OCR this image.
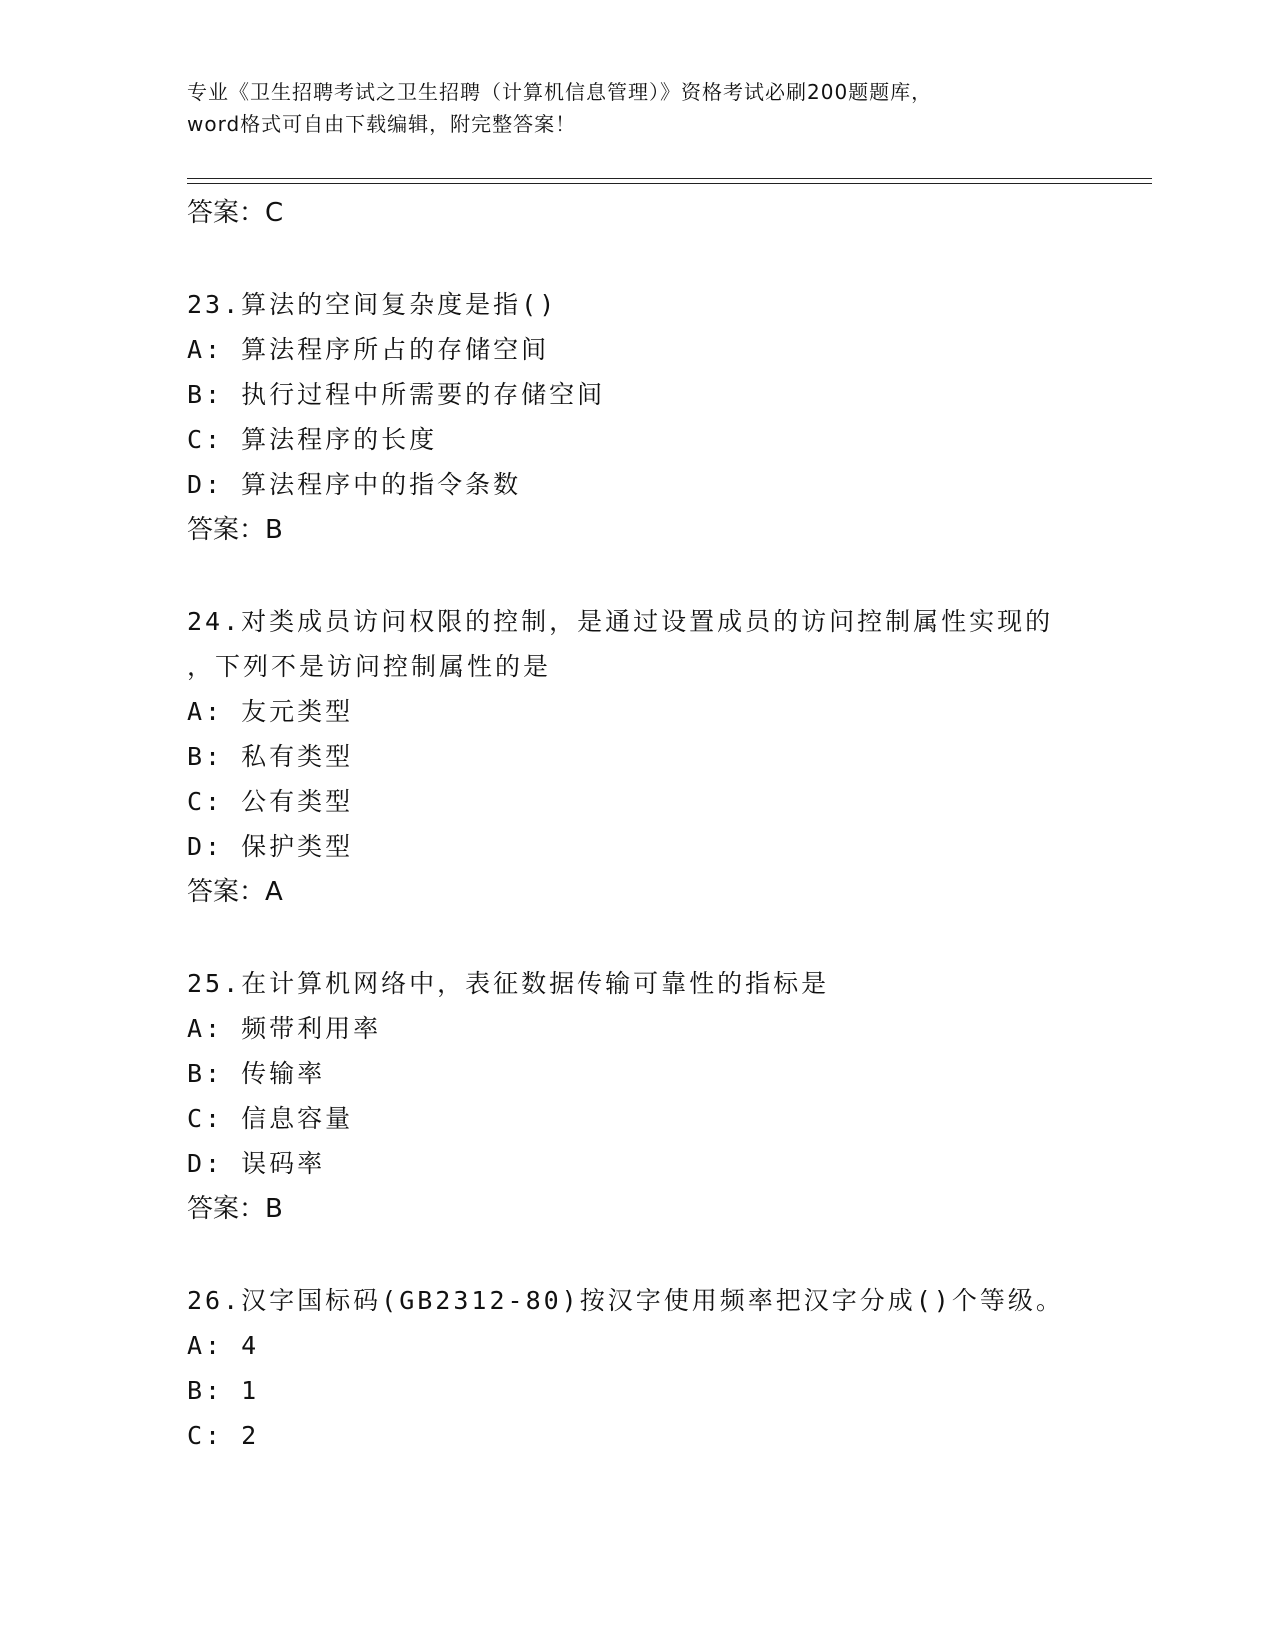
专业《卫生招聘考试之卫生招聘（计算机信息管理）》资格考试必刷200题题库，

word格式可自由下载编辑，附完整答案！

答案：C

23.算法的空间复杂度是指()

A: 算法程序所占的存储空间

B: 执行过程中所需要的存储空间

C: 算法程序的长度

D: 算法程序中的指令条数

答案：B

24.对类成员访问权限的控制，是通过设置成员的访问控制属性实现的

，下列不是访问控制属性的是

A: 友元类型

B: 私有类型

C: 公有类型

D: 保护类型

答案：A

25.在计算机网络中，表征数据传输可靠性的指标是

A: 频带利用率

B: 传输率

C: 信息容量

D: 误码率

答案：B

26.汉字国标码(GB2312-80)按汉字使用频率把汉字分成()个等级。

A: 4

B: 1

C: 2
